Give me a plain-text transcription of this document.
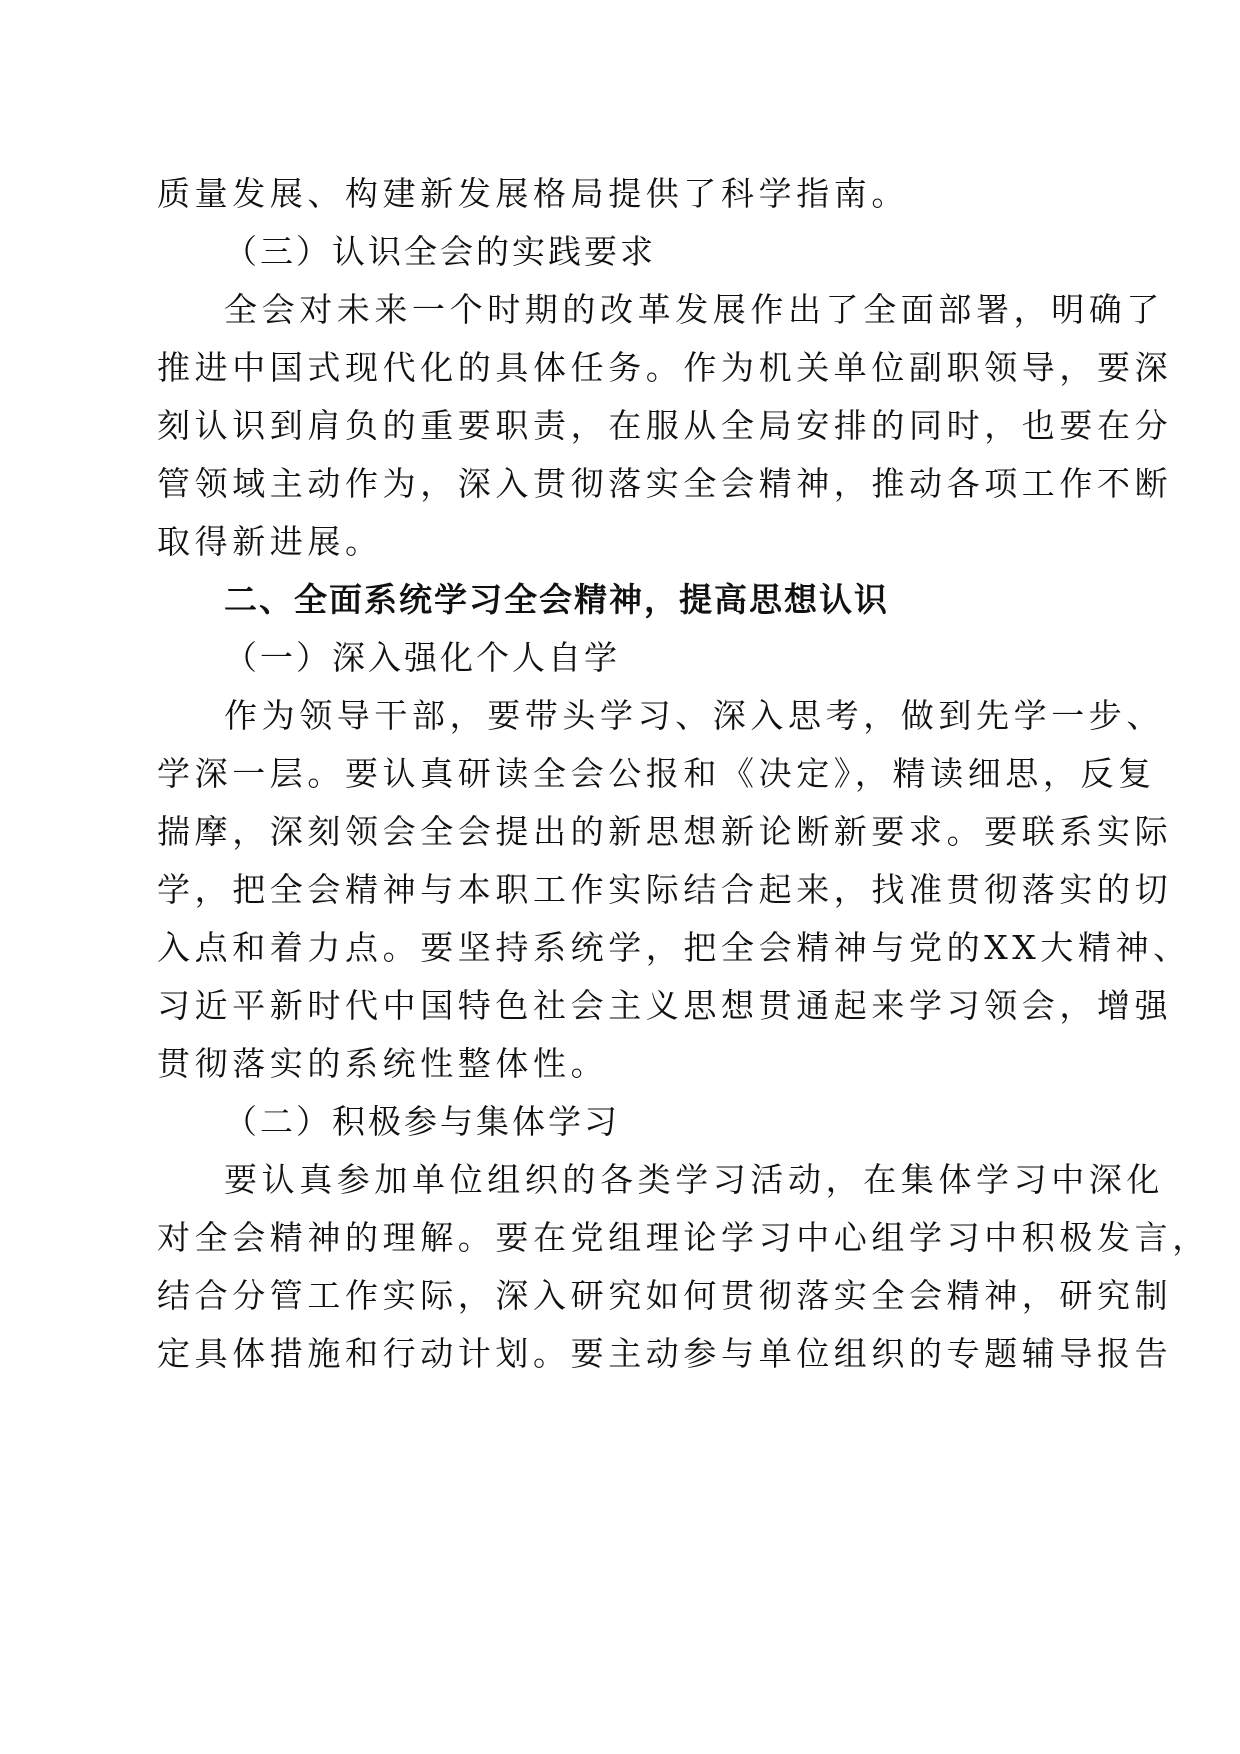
质量发展、构建新发展格局提供了科学指南。
（三）认识全会的实践要求
全会对未来一个时期的改革发展作出了全面部署，明确了
推进中国式现代化的具体任务。作为机关单位副职领导，要深
刻认识到肩负的重要职责，在服从全局安排的同时，也要在分
管领域主动作为，深入贯彻落实全会精神，推动各项工作不断
取得新进展。
二、全面系统学习全会精神，提高思想认识
（一）深入强化个人自学
作为领导干部，要带头学习、深入思考，做到先学一步、
学深一层。要认真研读全会公报和《决定》，精读细思，反复
揣摩，深刻领会全会提出的新思想新论断新要求。要联系实际
学，把全会精神与本职工作实际结合起来，找准贯彻落实的切
入点和着力点。要坚持系统学，把全会精神与党的XX大精神、
习近平新时代中国特色社会主义思想贯通起来学习领会，增强
贯彻落实的系统性整体性。
（二）积极参与集体学习
要认真参加单位组织的各类学习活动，在集体学习中深化
对全会精神的理解。要在党组理论学习中心组学习中积极发言，
结合分管工作实际，深入研究如何贯彻落实全会精神，研究制
定具体措施和行动计划。要主动参与单位组织的专题辅导报告
